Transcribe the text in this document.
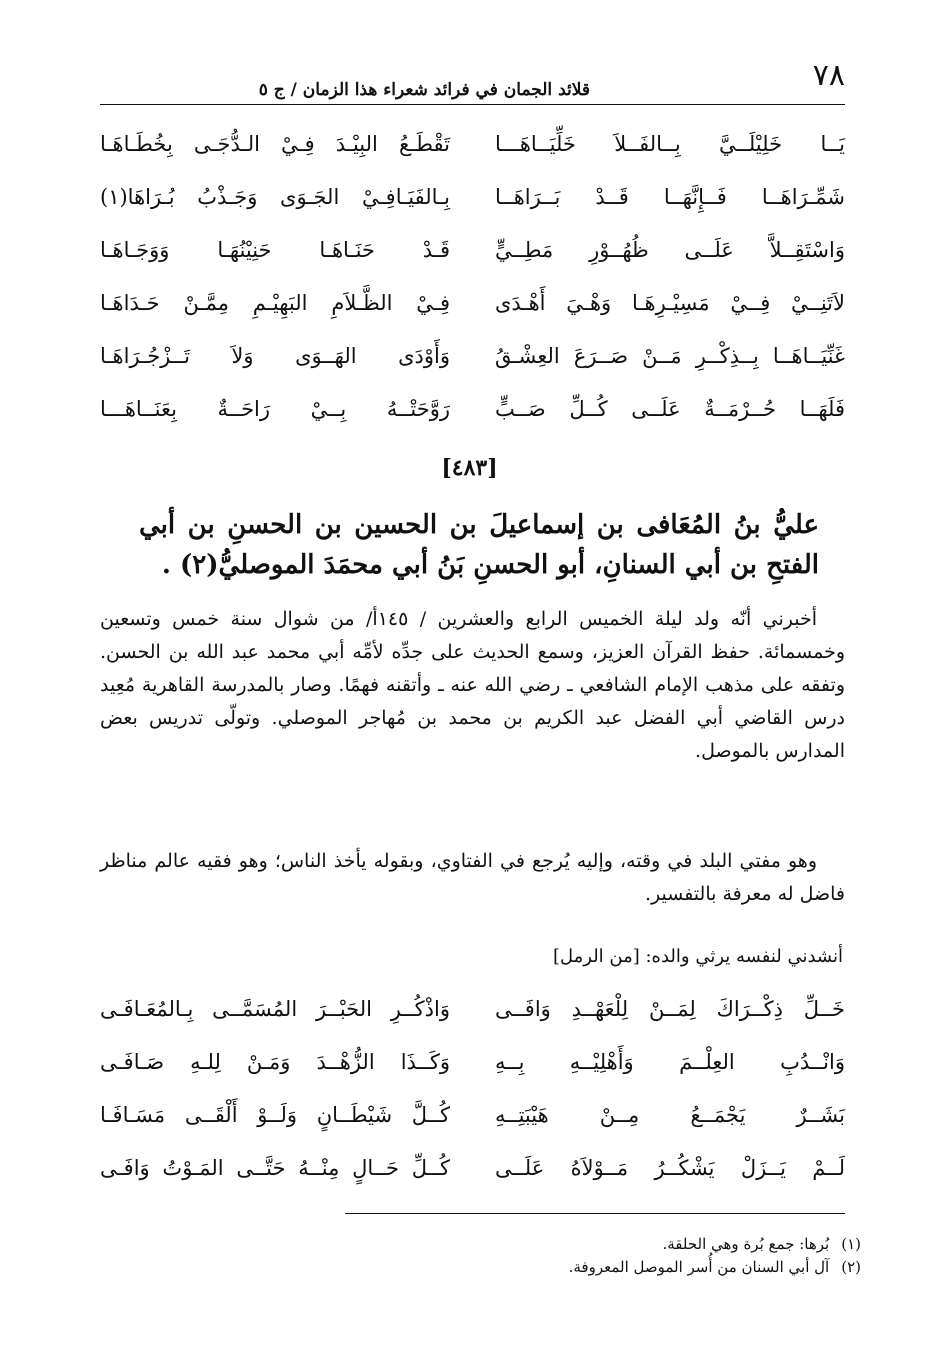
٧٨
قلائد الجمان في فرائد شعراء هذا الزمان / ج ٥
يَــا خَلِيْلَــيَّ بِــالفَــلاَ خَلِّيَــاهَـــا
تَقْطَـعُ البِيْـدَ فِـيْ الـدُّجَـى بِخُطَـاهَـا
شَمِّـرَاهَــا فَــإِنَّهَــا قَــدْ بَــرَاهَــا
بِـالفَيَـافِـيْ الجَـوَى وَجَـذْبُ بُـرَاهَا(١)
وَاسْتَقِــلاَّ عَلَــى ظُهُــوْرِ مَطِــيٍّ
قَـدْ حَنَـاهَـا حَنِيْنُهَـا وَوَجَـاهَـا
لاَتَنِــيْ فِــيْ مَسِيْـرِهَـا وَهْـيَ أَهْـدَى
فِـيْ الظَّـلاَمِ البَهِيْـمِ مِمَّـنْ حَـدَاهَـا
غَنِّيَــاهَــا بِــذِكْــرِ مَــنْ صَــرَعَ العِشْـقُ
وَأَوْدَى الهَــوَى وَلاَ تَــزْجُـرَاهَـا
فَلَهَــا حُــرْمَــةٌ عَلَــى كُــلِّ صَــبٍّ
رَوَّحَتْــهُ بِــيْ رَاحَــةٌ بِعَنَــاهَـــا
[٤٨٣]
عليُّ بنُ المُعَافى بن إسماعيلَ بن الحسين بن الحسنِ بن أبي الفتحِ بن أبي السنانِ، أبو الحسنِ بَنُ أبي محمَدَ الموصليُّ(٢) .

أخبرني أنّه ولد ليلة الخميس الرابع والعشرين / ١٤٥أ/ من شوال سنة خمس وتسعين وخمسمائة. حفظ القرآن العزيز، وسمع الحديث على جدِّه لأمِّه أبي محمد عبد الله بن الحسن. وتفقه على مذهب الإمام الشافعي ـ رضي الله عنه ـ وأتقنه فهمًا. وصار بالمدرسة القاهرية مُعِيد درس القاضي أبي الفضل عبد الكريم بن محمد بن مُهاجر الموصلي. وتولّى تدريس بعض المدارس بالموصل.

وهو مفتي البلد في وقته، وإليه يُرجع في الفتاوي، وبقوله يأخذ الناس؛ وهو فقيه عالم مناظر فاضل له معرفة بالتفسير.

أنشدني لنفسه يرثي والده: [من الرمل]
خَــلِّ ذِكْــرَاكَ لِمَــنْ لِلْعَهْــدِ وَافَــى
وَاذْكُــرِ الحَبْــرَ المُسَمَّــى بِـالمُعَـافَـى
وَانْــدُبِ العِلْــمَ وَأَهْلِيْــهِ بِــهِ
وَكَــذَا الزُّهْــدَ وَمَـنْ لِلـهِ صَـافَـى
بَشَــرٌ يَجْمَــعُ مِــنْ هَيْبَتِــهِ
كُــلَّ شَيْطَــانٍ وَلَــوْ أَلْقَــى مَسَـافَـا
لَــمْ يَــزَلْ يَشْكُــرُ مَــوْلاَهُ عَلَــى
كُــلِّ حَــالٍ مِنْــهُ حَتَّــى المَـوْتُ وَافَـى
(١)بُرها: جمع بُرة وهي الحلقة.
(٢)آل أبي السنان من أُسر الموصل المعروفة.
